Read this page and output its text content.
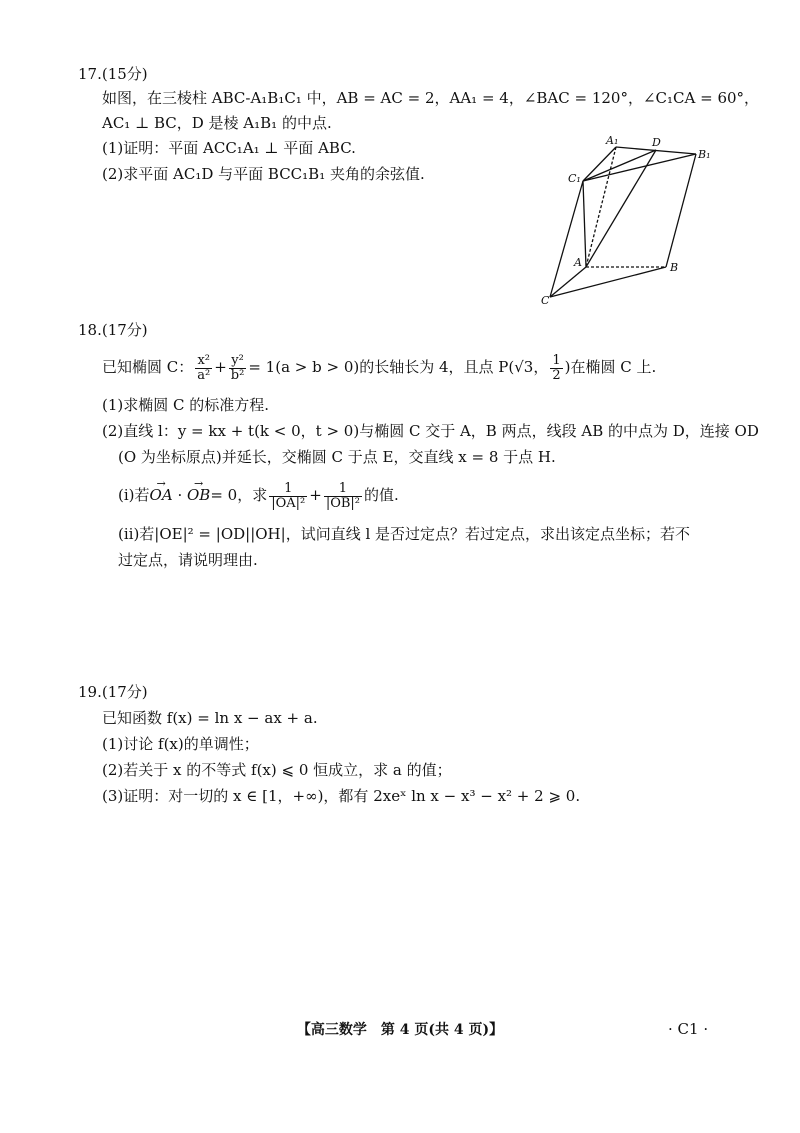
17.(15分)
如图，在三棱柱 ABC-A₁B₁C₁ 中，AB = AC = 2，AA₁ = 4，∠BAC = 120°，∠C₁CA = 60°，
AC₁ ⊥ BC，D 是棱 A₁B₁ 的中点.
(1)证明：平面 ACC₁A₁ ⊥ 平面 ABC.
(2)求平面 AC₁D 与平面 BCC₁B₁ 夹角的余弦值.
A₁	D
B₁
C₁
A	B
C
18.(17分)
已知椭圆 C： $\frac{\text{x²}}{\text{a²}} + \frac{\text{y²}}{\text{b²}} = 1(a > b > 0)$的长轴长为 4，且点 P(√3， $\frac{1}{2}$ )在椭圆 C 上.
(1)求椭圆 C 的标准方程.
(2)直线 l：y = kx + t(k < 0，t > 0)与椭圆 C 交于 A，B 两点，线段 AB 的中点为 D，连接 OD
(O 为坐标原点)并延长，交椭圆 C 于点 E，交直线 x = 8 于点 H.
(ⅰ)若→ OA · → OB= 0，求 $\frac{1}{\text{|OA|²}} + \frac{1}{\text{|OB|²}}$ 的值.
(ⅱ)若|OE|² = |OD||OH|，试问直线 l 是否过定点？若过定点，求出该定点坐标；若不
过定点，请说明理由.
19.(17分)
已知函数 f(x) = ln x − ax + a.
(1)讨论 f(x)的单调性；
(2)若关于 x 的不等式 f(x) ⩽ 0 恒成立，求 a 的值；
(3)证明：对一切的 x ∈ [1，+∞)，都有 2xeˣ ln x − x³ − x² + 2 ⩾ 0.
【高三数学　第 4 页(共 4 页)】	· C1 ·
